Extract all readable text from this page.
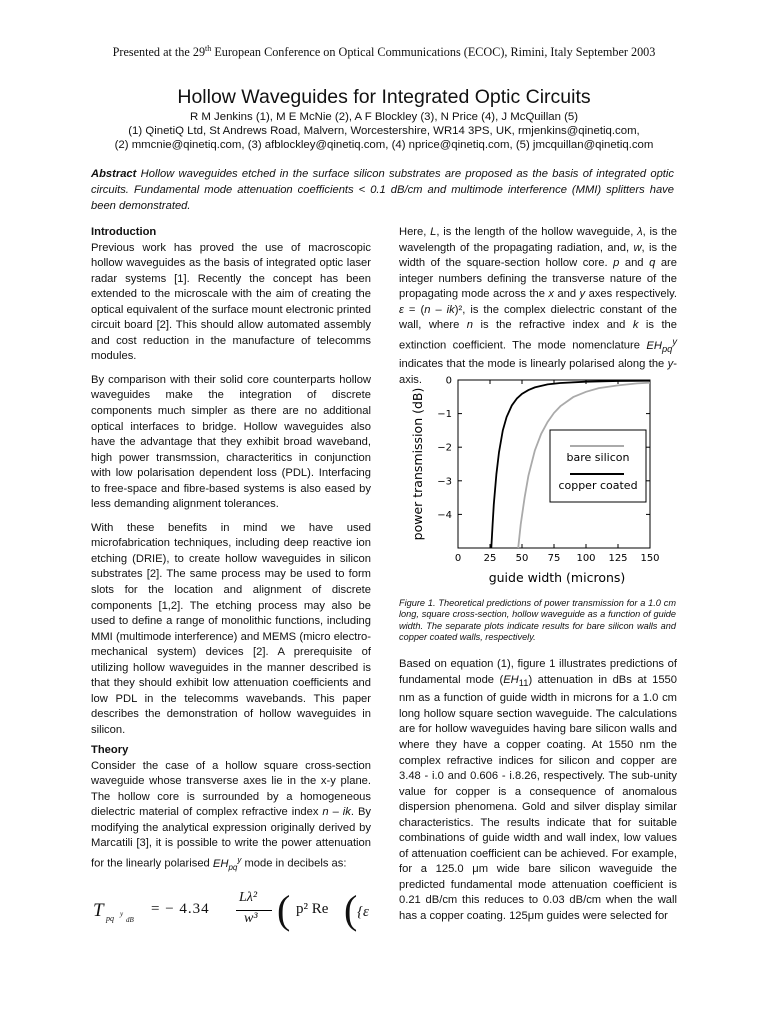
Presented at the 29th European Conference on Optical Communications (ECOC), Rimini, Italy September 2003
Hollow Waveguides for Integrated Optic Circuits
R M Jenkins (1), M E McNie (2), A F Blockley (3), N Price (4), J McQuillan (5)
(1) QinetiQ Ltd, St Andrews Road, Malvern, Worcestershire, WR14 3PS, UK, rmjenkins@qinetiq.com,
(2) mmcnie@qinetiq.com, (3) afblockley@qinetiq.com, (4) nprice@qinetiq.com, (5) jmcquillan@qinetiq.com
Abstract Hollow waveguides etched in the surface silicon substrates are proposed as the basis of integrated optic circuits. Fundamental mode attenuation coefficients < 0.1 dB/cm and multimode interference (MMI) splitters have been demonstrated.
Introduction

Previous work has proved the use of macroscopic hollow waveguides as the basis of integrated optic laser radar systems [1]. Recently the concept has been extended to the microscale with the aim of creating the optical equivalent of the surface mount electronic printed circuit board [2]. This should allow automated assembly and cost reduction in the manufacture of telecomms modules.

By comparison with their solid core counterparts hollow waveguides make the integration of discrete components much simpler as there are no additional optical interfaces to bridge. Hollow waveguides also have the advantage that they exhibit broad waveband, high power transmssion, characteritics in conjunction with low polarisation dependent loss (PDL). Interfacing to free-space and fibre-based systems is also eased by less demanding alignment tolerances.

With these benefits in mind we have used microfabrication techniques, including deep reactive ion etching (DRIE), to create hollow waveguides in silicon substrates [2]. The same process may be used to form slots for the location and alignment of discrete components [1,2]. The etching process may also be used to define a range of monolithic functions, including MMI (multimode interference) and MEMS (micro electro-mechanical system) devices [2]. A prerequisite of utilizing hollow waveguides in the manner described is that they should exhibit low attenuation coefficients and low PDL in the telecomms wavebands. This paper describes the demonstration of hollow waveguides in silicon.

Theory

Consider the case of a hollow square cross-section waveguide whose transverse axes lie in the x-y plane. The hollow core is surrounded by a homogeneous dielectric material of complex refractive index n – ik. By modifying the analytical expression originally derived by Marcatili [3], it is possible to write the power attenuation for the linearly polarised $EH_{pq}^y$ mode in decibels as:

T pq y
dB
= − 4.34
Lλ²
w³ ( p² Re ( {ε

Here, L, is the length of the hollow waveguide, λ, is the wavelength of the propagating radiation, and, w, is the width of the square-section hollow core. p and q are integer numbers defining the transverse nature of the propagating mode across the x and y axes respectively. ε = (n – ik)², is the complex dielectric constant of the wall, where n is the refractive index and k is the extinction coefficient. The mode nomenclature $EH_{pq}^y$ indicates that the mode is linearly polarised along the y-axis.

power transmission (dB)
guide width (microns)
0
−1
−2
−3
−4
0 25 50 75 100 125 150
bare silicon
copper coated
Figure 1. Theoretical predictions of power transmission for a 1.0 cm long, square cross-section, hollow waveguide as a function of guide width. The separate plots indicate results for bare silicon walls and copper coated walls, respectively.

Based on equation (1), figure 1 illustrates predictions of fundamental mode $(EH_{11})$ attenuation in dBs at 1550 nm as a function of guide width in microns for a 1.0 cm long hollow square section waveguide. The calculations are for hollow waveguides having bare silicon walls and where they have a copper coating. At 1550 nm the complex refractive indices for silicon and copper are 3.48 - i.0 and 0.606 - i.8.26, respectively. The sub-unity value for copper is a consequence of anomalous dispersion phenomena. Gold and silver display similar characteristics. The results indicate that for suitable combinations of guide width and wall index, low values of attenuation coefficient can be achieved. For example, for a 125.0 μm wide bare silicon waveguide the predicted fundamental mode attenuation coefficient is 0.21 dB/cm this reduces to 0.03 dB/cm when the wall has a copper coating. 125μm guides were selected for
